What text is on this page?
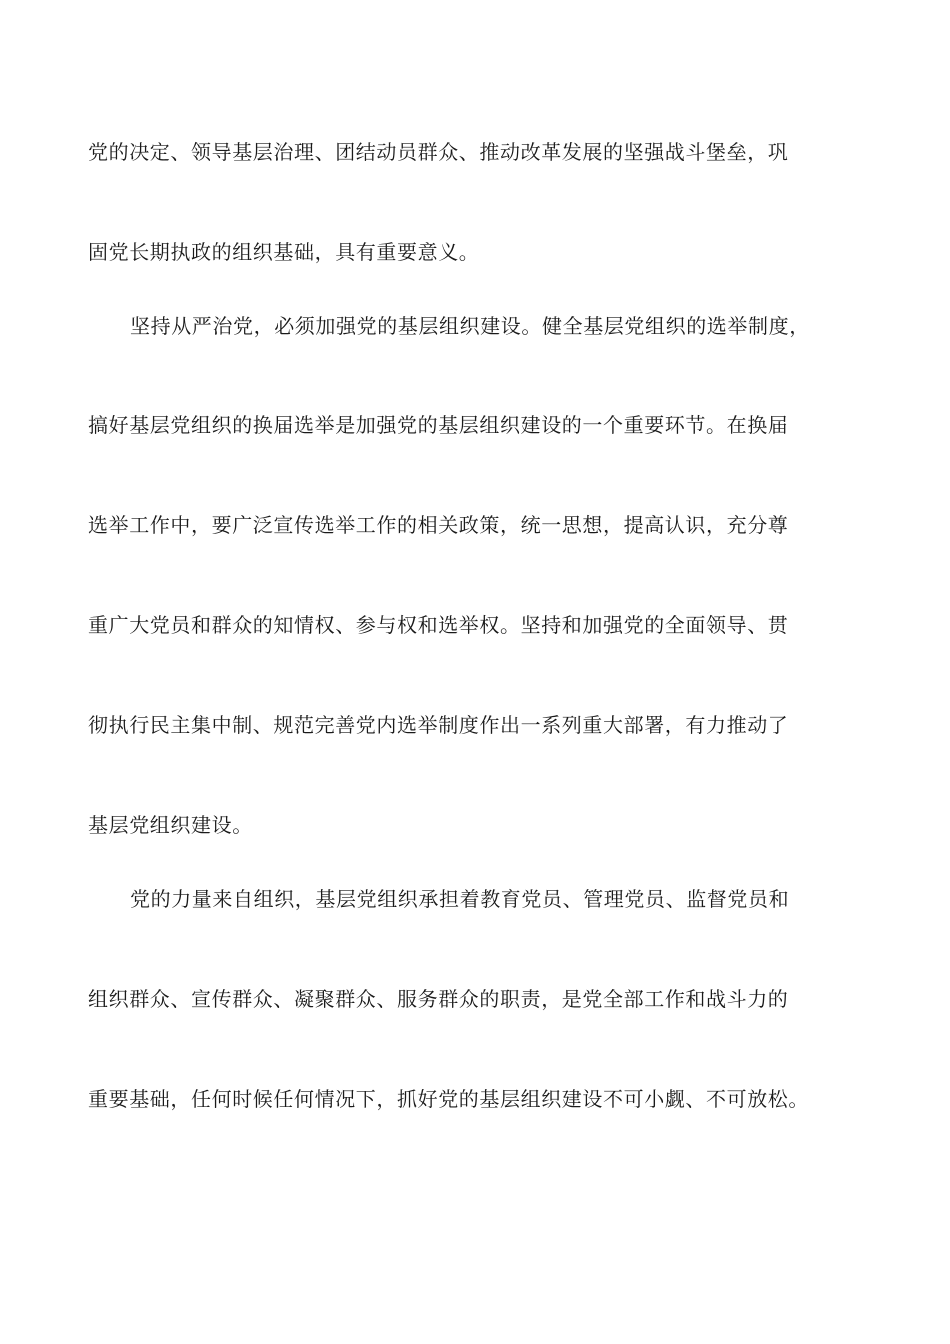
党的决定、领导基层治理、团结动员群众、推动改革发展的坚强战斗堡垒，巩
固党长期执政的组织基础，具有重要意义。
坚持从严治党，必须加强党的基层组织建设。健全基层党组织的选举制度，
搞好基层党组织的换届选举是加强党的基层组织建设的一个重要环节。在换届
选举工作中，要广泛宣传选举工作的相关政策，统一思想，提高认识，充分尊
重广大党员和群众的知情权、参与权和选举权。坚持和加强党的全面领导、贯
彻执行民主集中制、规范完善党内选举制度作出一系列重大部署，有力推动了
基层党组织建设。
党的力量来自组织，基层党组织承担着教育党员、管理党员、监督党员和
组织群众、宣传群众、凝聚群众、服务群众的职责，是党全部工作和战斗力的
重要基础，任何时候任何情况下，抓好党的基层组织建设不可小觑、不可放松。
